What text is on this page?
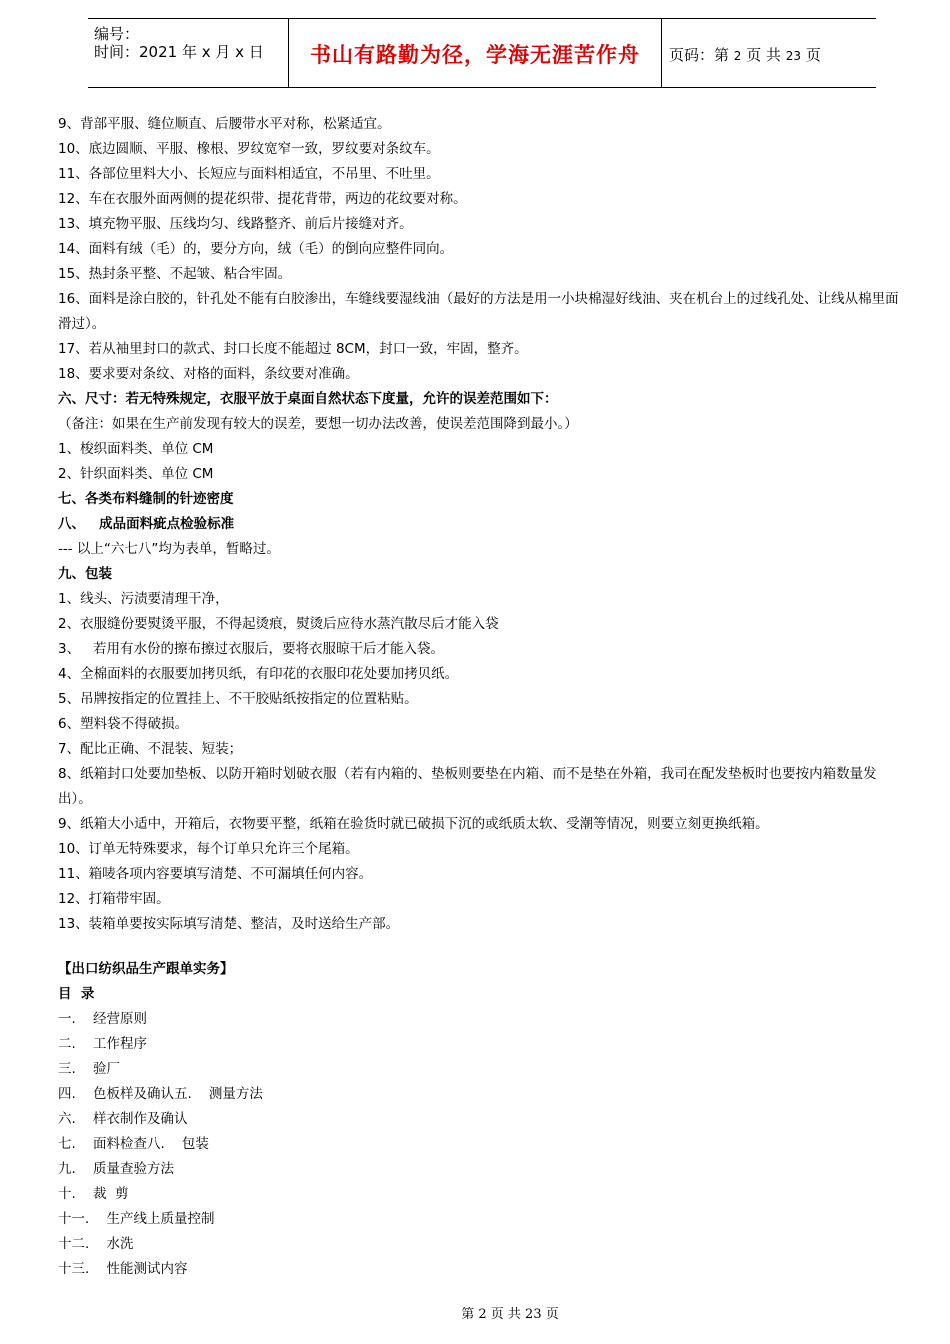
编号：
时间：2021 年 x 月 x 日	书山有路勤为径，学海无涯苦作舟	页码：第 2 页 共 23 页
9、背部平服、缝位顺直、后腰带水平对称，松紧适宜。
10、底边圆顺、平服、橡根、罗纹宽窄一致，罗纹要对条纹车。
11、各部位里料大小、长短应与面料相适宜，不吊里、不吐里。
12、车在衣服外面两侧的提花织带、提花背带，两边的花纹要对称。
13、填充物平服、压线均匀、线路整齐、前后片接缝对齐。
14、面料有绒（毛）的，要分方向，绒（毛）的倒向应整件同向。
15、热封条平整、不起皱、粘合牢固。
16、面料是涂白胶的，针孔处不能有白胶渗出，车缝线要湿线油（最好的方法是用一小块棉湿好线油、夹在机台上的过线孔处、让线从棉里面滑过）。
17、若从袖里封口的款式、封口长度不能超过 8CM，封口一致，牢固，整齐。
18、要求要对条纹、对格的面料，条纹要对准确。
六、尺寸：若无特殊规定，衣服平放于桌面自然状态下度量，允许的误差范围如下：
（备注：如果在生产前发现有较大的误差，要想一切办法改善，使误差范围降到最小。）
1、梭织面料类、单位 CM
2、针织面料类、单位 CM
七、各类布料缝制的针迹密度
八、   成品面料疵点检验标准
--- 以上“六七八”均为表单，暂略过。
九、包装
1、线头、污渍要清理干净，
2、衣服缝份要熨烫平服，不得起烫痕，熨烫后应待水蒸汽散尽后才能入袋
3、   若用有水份的擦布擦过衣服后，要将衣服晾干后才能入袋。
4、全棉面料的衣服要加拷贝纸，有印花的衣服印花处要加拷贝纸。
5、吊牌按指定的位置挂上、不干胶贴纸按指定的位置粘贴。
6、塑料袋不得破损。
7、配比正确、不混装、短装；
8、纸箱封口处要加垫板、以防开箱时划破衣服（若有内箱的、垫板则要垫在内箱、而不是垫在外箱，我司在配发垫板时也要按内箱数量发出）。
9、纸箱大小适中，开箱后，衣物要平整，纸箱在验货时就已破损下沉的或纸质太软、受潮等情况，则要立刻更换纸箱。
10、订单无特殊要求，每个订单只允许三个尾箱。
11、箱唛各项内容要填写清楚、不可漏填任何内容。
12、打箱带牢固。
13、装箱单要按实际填写清楚、整洁，及时送给生产部。
【出口纺织品生产跟单实务】
目  录
一.    经营原则
二.    工作程序
三.    验厂
四.    色板样及确认五.    测量方法
六.    样衣制作及确认
七.    面料检查八.    包装
九.    质量查验方法
十.    裁  剪
十一.    生产线上质量控制
十二.    水洗
十三.    性能测试内容
第 2 页 共 23 页
